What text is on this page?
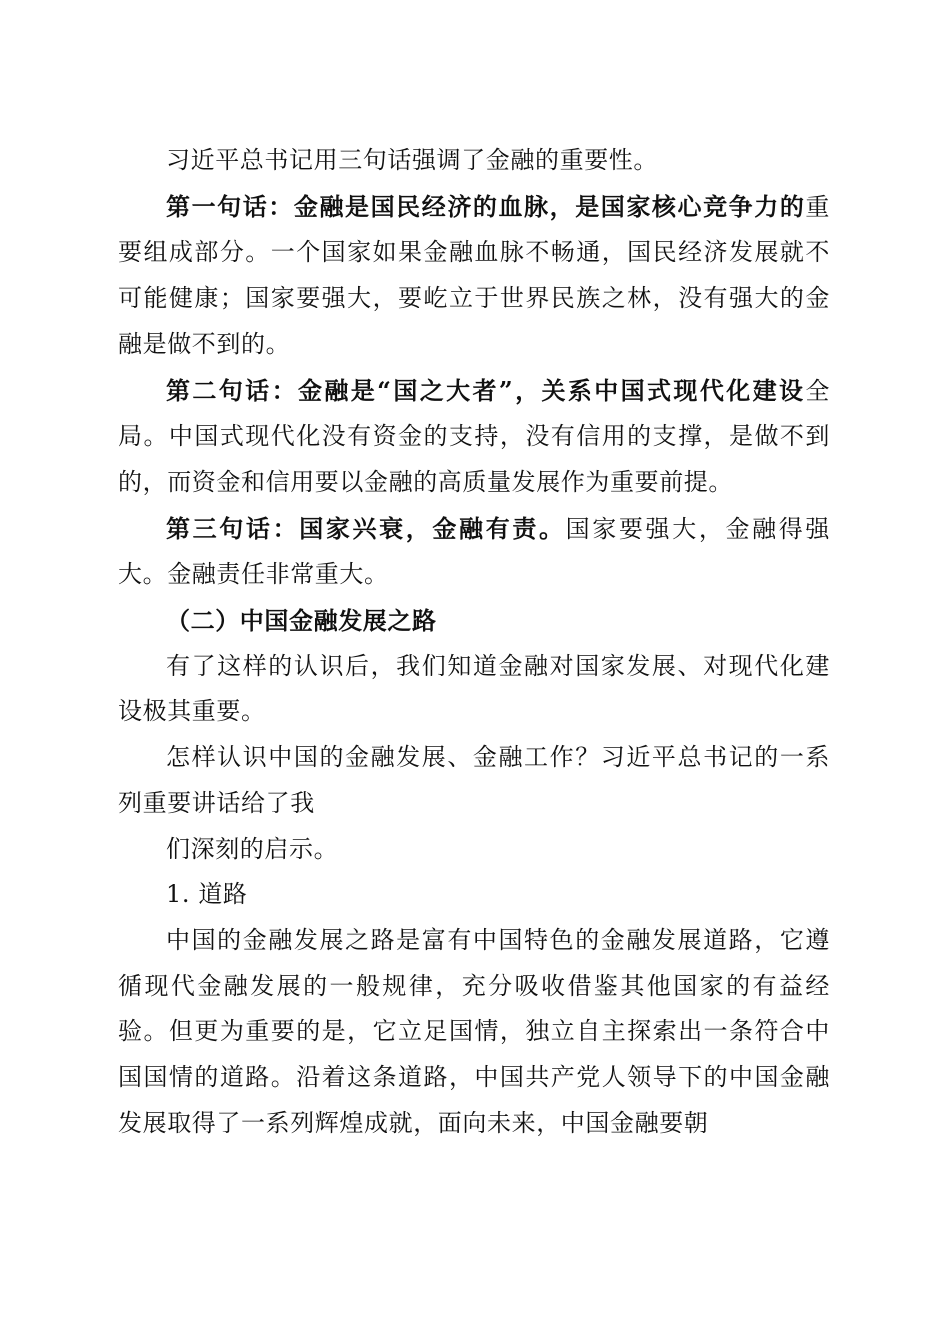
习近平总书记用三句话强调了金融的重要性。

第一句话：金融是国民经济的血脉，是国家核心竞争力的重要组成部分。一个国家如果金融血脉不畅通，国民经济发展就不可能健康；国家要强大，要屹立于世界民族之林，没有强大的金融是做不到的。

第二句话：金融是“国之大者”，关系中国式现代化建设全局。中国式现代化没有资金的支持，没有信用的支撑，是做不到的，而资金和信用要以金融的高质量发展作为重要前提。

第三句话：国家兴衰，金融有责。国家要强大，金融得强大。金融责任非常重大。

（二）中国金融发展之路

有了这样的认识后，我们知道金融对国家发展、对现代化建设极其重要。

怎样认识中国的金融发展、金融工作？习近平总书记的一系列重要讲话给了我

们深刻的启示。

1. 道路

中国的金融发展之路是富有中国特色的金融发展道路，它遵循现代金融发展的一般规律，充分吸收借鉴其他国家的有益经验。但更为重要的是，它立足国情，独立自主探索出一条符合中国国情的道路。沿着这条道路，中国共产党人领导下的中国金融发展取得了一系列辉煌成就，面向未来，中国金融要朝
